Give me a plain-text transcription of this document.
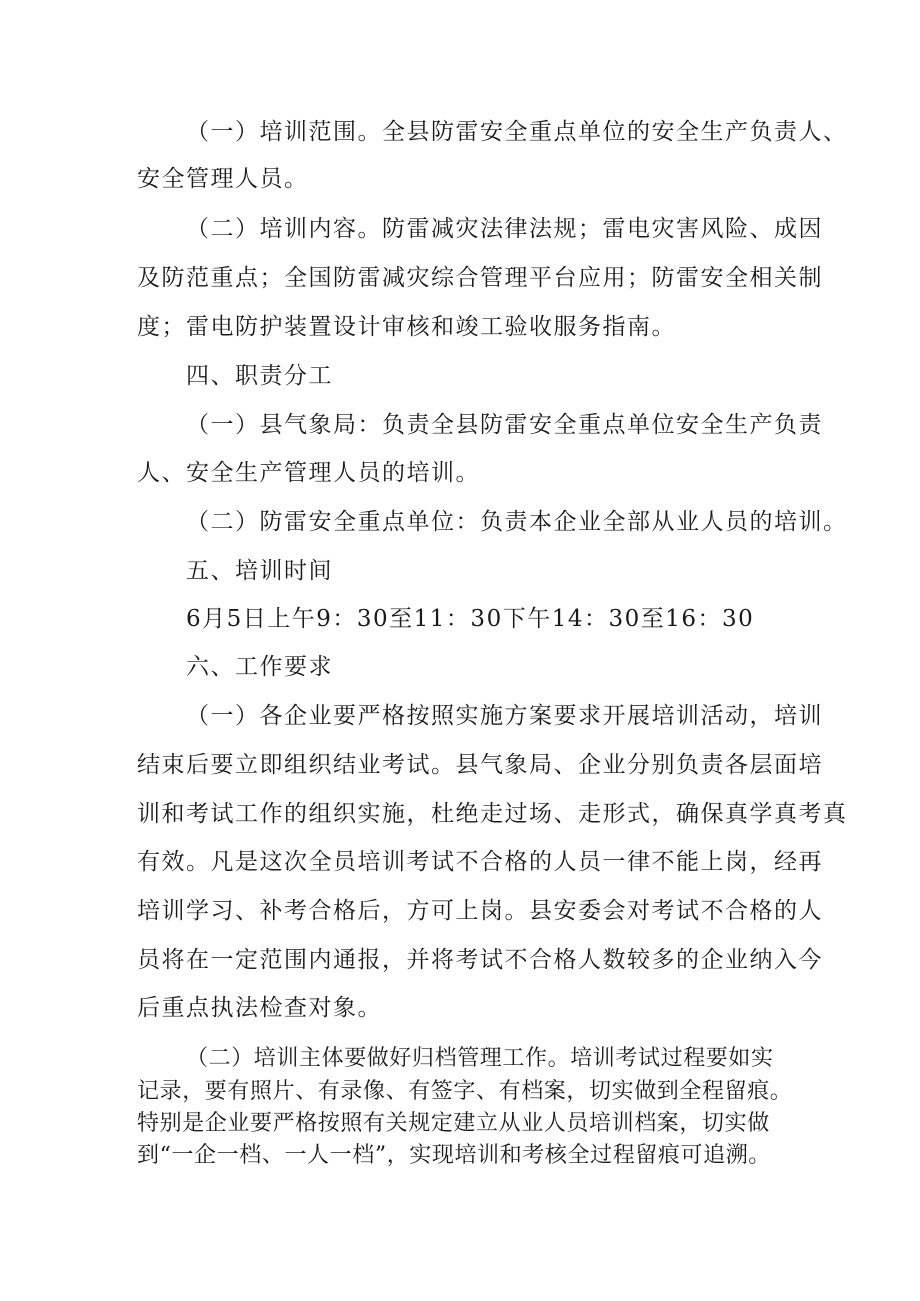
（一）培训范围。全县防雷安全重点单位的安全生产负责人、
安全管理人员。
（二）培训内容。防雷减灾法律法规；雷电灾害风险、成因
及防范重点；全国防雷减灾综合管理平台应用；防雷安全相关制
度；雷电防护装置设计审核和竣工验收服务指南。
四、职责分工
（一）县气象局：负责全县防雷安全重点单位安全生产负责
人、安全生产管理人员的培训。
（二）防雷安全重点单位：负责本企业全部从业人员的培训。
五、培训时间
6月5日上午9：30至11：30下午14：30至16：30
六、工作要求
（一）各企业要严格按照实施方案要求开展培训活动，培训
结束后要立即组织结业考试。县气象局、企业分别负责各层面培
训和考试工作的组织实施，杜绝走过场、走形式，确保真学真考真
有效。凡是这次全员培训考试不合格的人员一律不能上岗，经再
培训学习、补考合格后，方可上岗。县安委会对考试不合格的人
员将在一定范围内通报，并将考试不合格人数较多的企业纳入今
后重点执法检查对象。
（二）培训主体要做好归档管理工作。培训考试过程要如实
记录，要有照片、有录像、有签字、有档案，切实做到全程留痕。
特别是企业要严格按照有关规定建立从业人员培训档案，切实做
到“一企一档、一人一档”，实现培训和考核全过程留痕可追溯。
